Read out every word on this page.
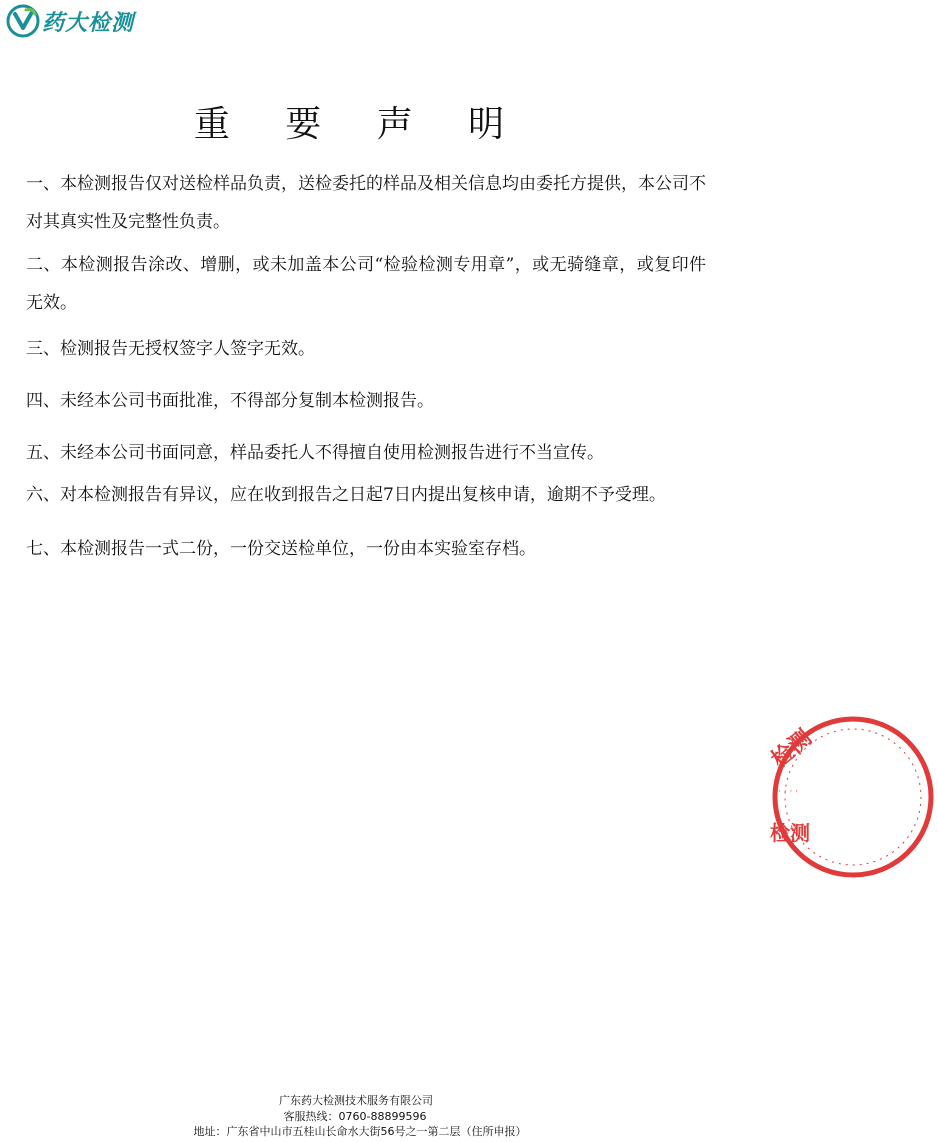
药大检测
重 要 声 明
一、本检测报告仅对送检样品负责，送检委托的样品及相关信息均由委托方提供，本公司不对其真实性及完整性负责。
二、本检测报告涂改、增删，或未加盖本公司“检验检测专用章”，或无骑缝章，或复印件无效。
三、检测报告无授权签字人签字无效。
四、未经本公司书面批准，不得部分复制本检测报告。
五、未经本公司书面同意，样品委托人不得擅自使用检测报告进行不当宣传。
六、对本检测报告有异议，应在收到报告之日起7日内提出复核申请，逾期不予受理。
七、本检测报告一式二份，一份交送检单位，一份由本实验室存档。
检测
检测
· · · ·
广东药大检测技术服务有限公司
客服热线：0760-88899596
地址：广东省中山市五桂山长命水大街56号之一第二层（住所申报）
